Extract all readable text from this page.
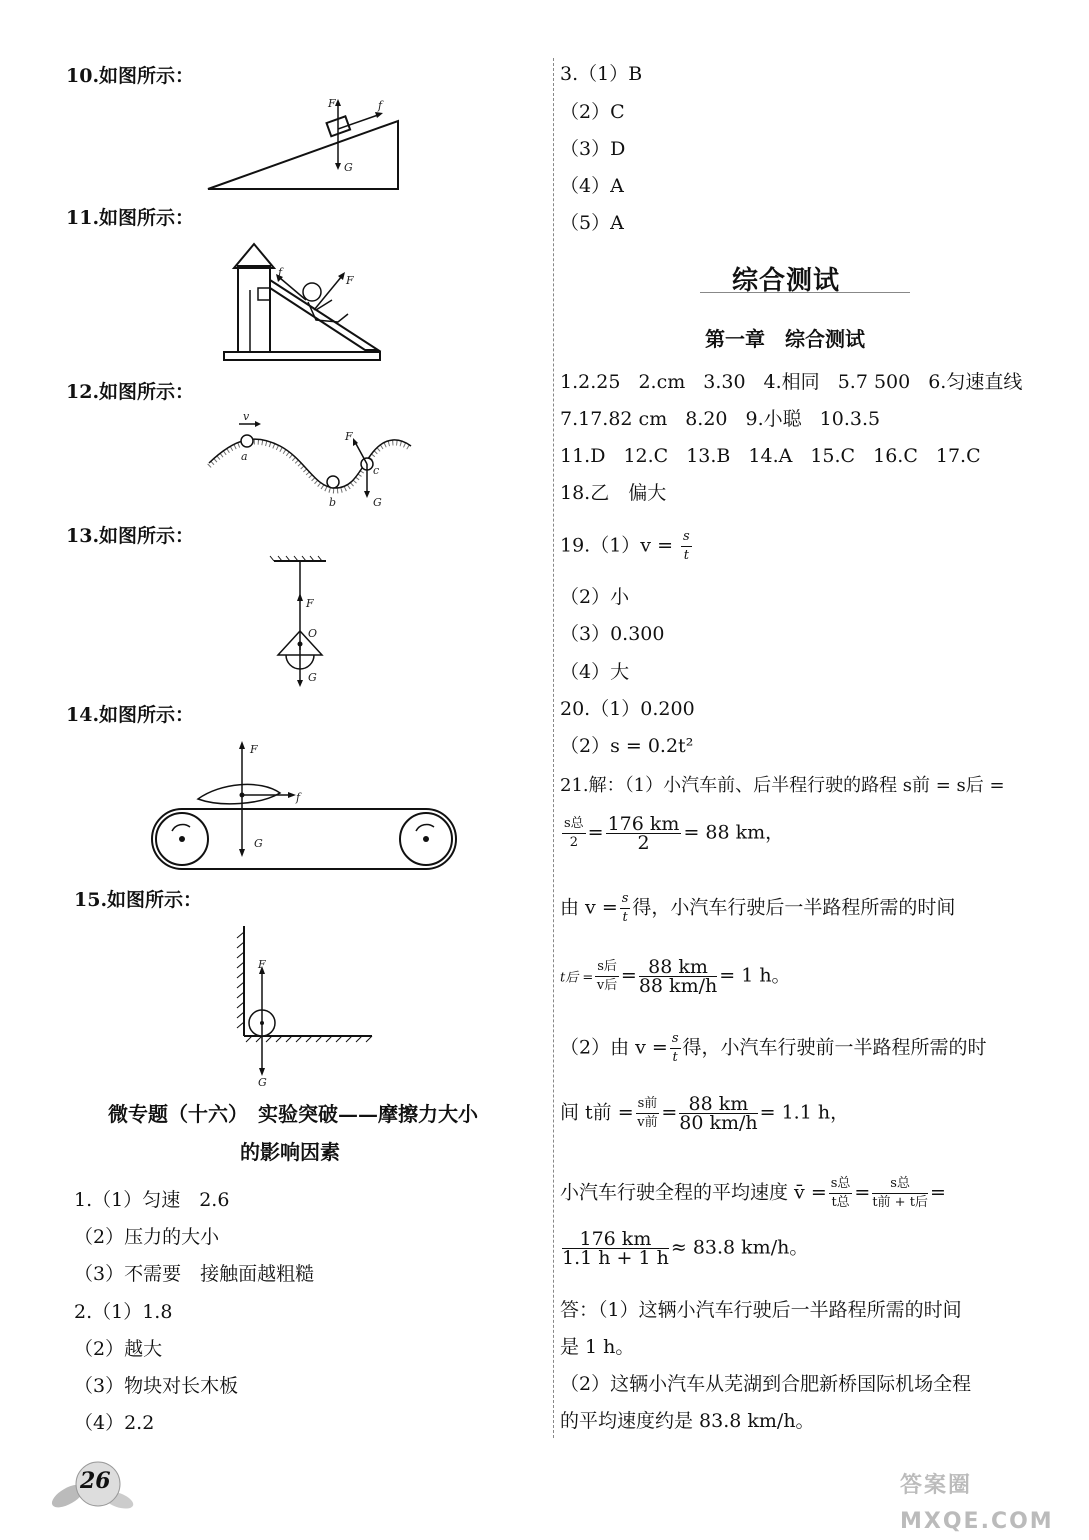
10.如图所示：
F	f
G
11.如图所示：
F
f
12.如图所示：
v
a
b
c
F
G
13.如图所示：
F
O
G
14.如图所示：
F
f
G
15.如图所示：
F
G
微专题（十六）　实验突破——摩擦力大小
的影响因素
1.（1）匀速　2.6
（2）压力的大小
（3）不需要　接触面越粗糙
2.（1）1.8
（2）越大
（3）物块对长木板
（4）2.2
26
3.（1）B
（2）C
（3）D
（4）A
（5）A
综合测试
第一章　综合测试
1.2.25 2.cm 3.30 4.相同 5.7 500 6.匀速直线
7.17.82 cm 8.20 9.小聪 10.3.5
11.D 12.C 13.B 14.A 15.C 16.C 17.C
18.乙　偏大
$19.(1)v = \frac{s}{t}$
（2）小
（3）0.300
（4）大
20.（1）0.200
（2）s = 0.2t²
21.解：（1）小汽车前、后半程行驶的路程 s前 = s后 =
$\frac{\text{s总}}{2} = \frac{176 km}{2} = 88$ km，
由 $v = \frac{s}{t}$ 得，小汽车行驶后一半路程所需的时间
t后 = $\frac{\text{s后}}{\text{v后}} = \frac{88 km}{88 km/h} = 1$ h。
（2）由 $v = \frac{s}{t}$ 得，小汽车行驶前一半路程所需的时
间 t前 = $\frac{\text{s前}}{\text{v前}} = \frac{88 km}{80 km/h} = 1.1$ h，
小汽车行驶全程的平均速度 v̄ = $\frac{\text{s总}}{\text{t总}} = \frac{\text{s总}}{\text{t前 + t后}}$ =
$\frac{176 km}{1.1 h + 1 h} \approx 83.8$ km/h。
答：（1）这辆小汽车行驶后一半路程所需的时间
是 1 h。
（2）这辆小汽车从芜湖到合肥新桥国际机场全程
的平均速度约是 83.8 km/h。
答案圈 MXQE.COM
